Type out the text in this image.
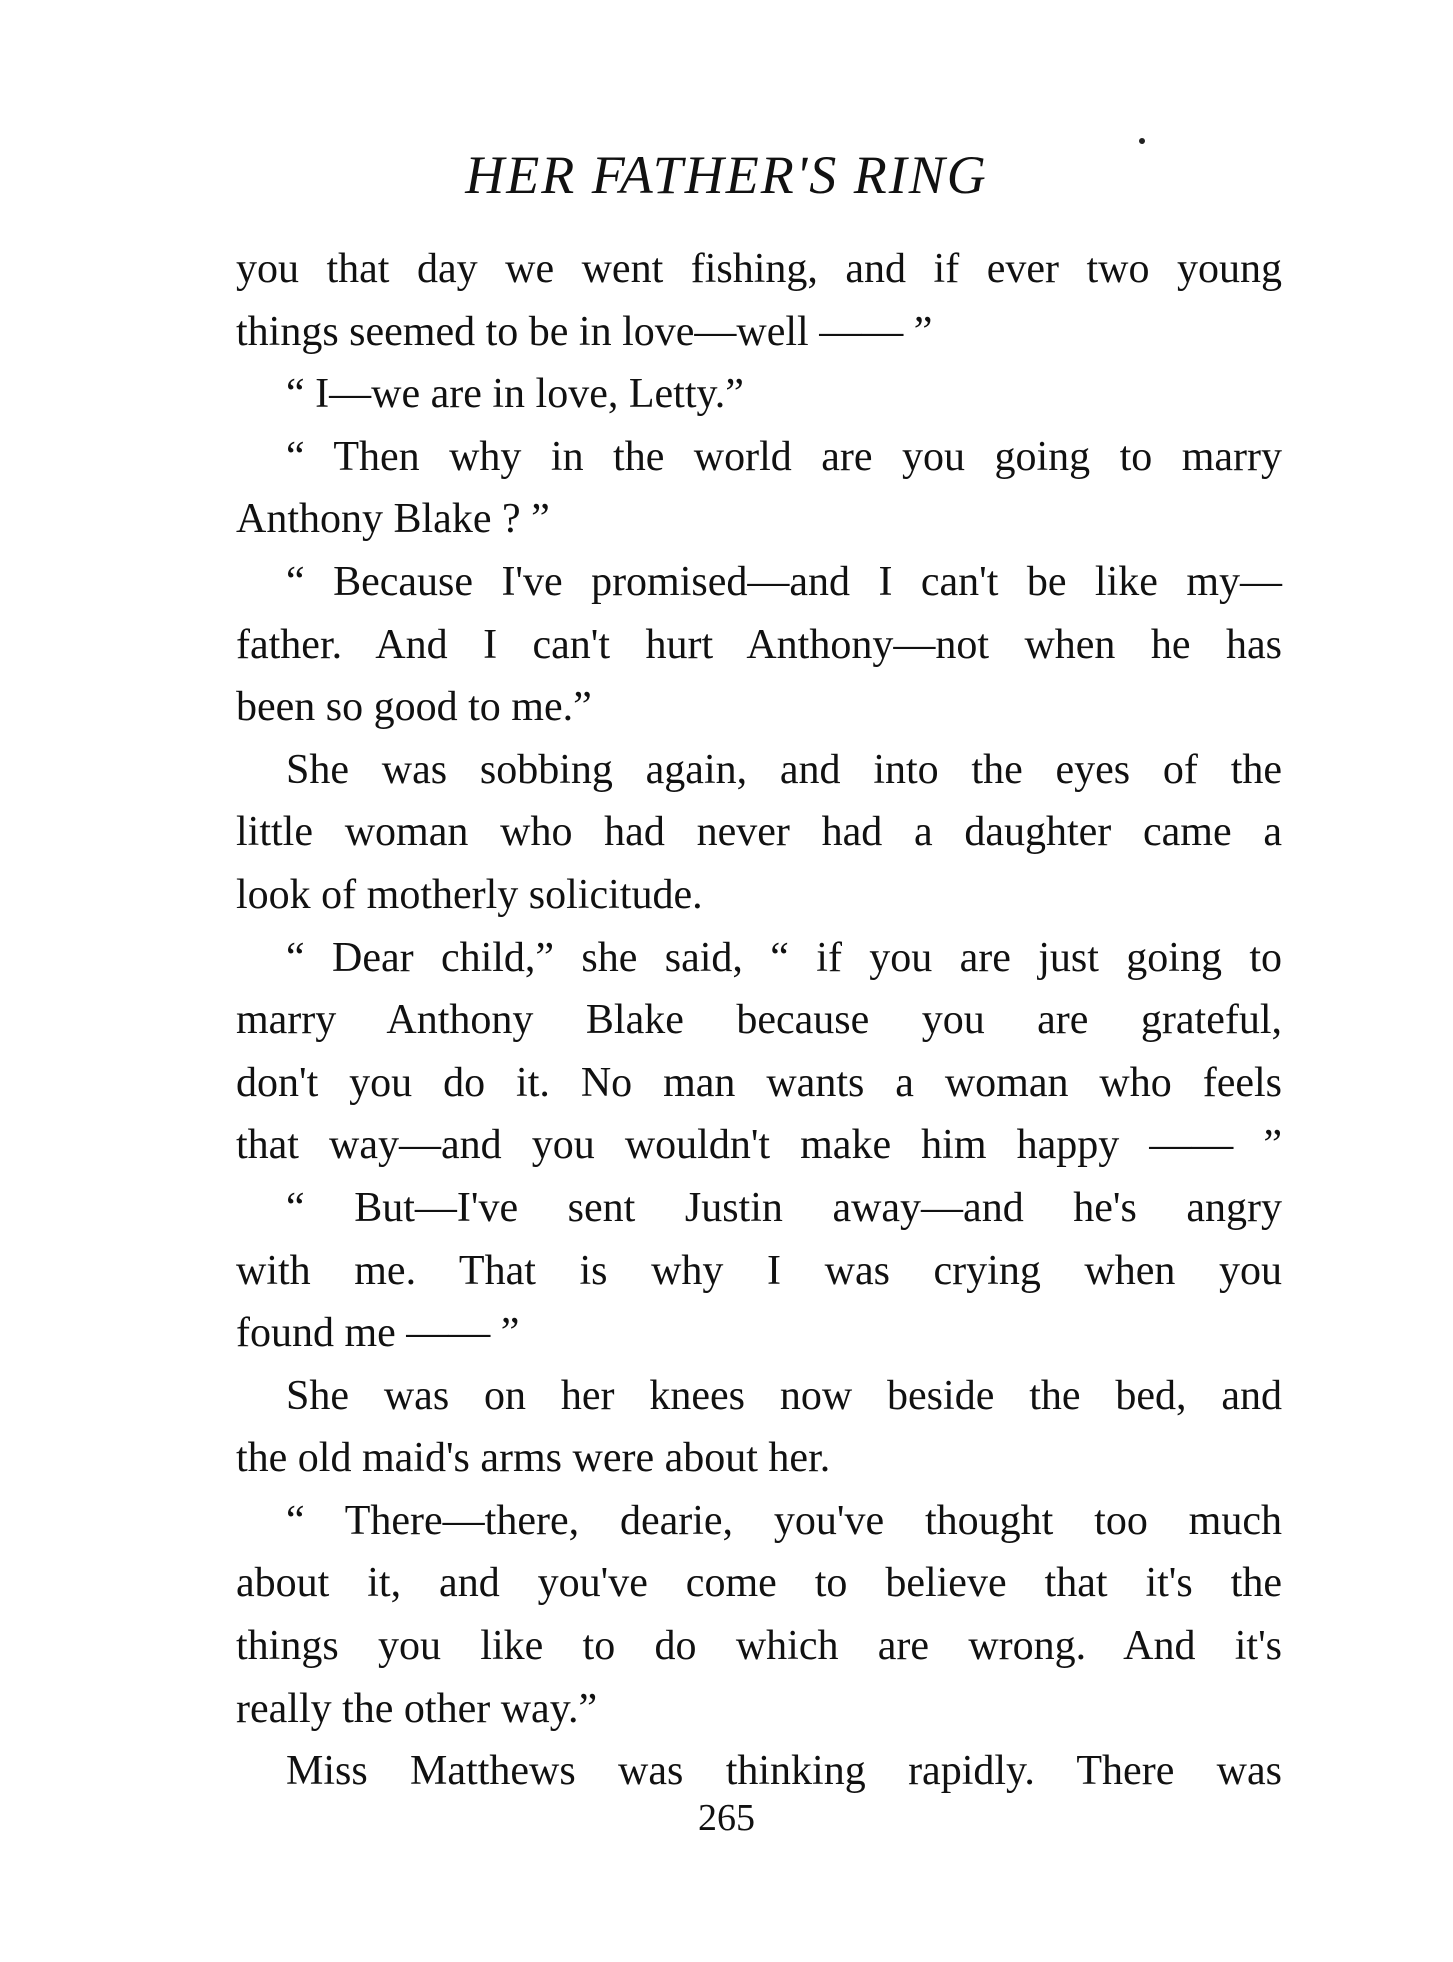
HER FATHER'S RING
you that day we went fishing, and if ever two young
things seemed to be in love—well —— ”
“ I—we are in love, Letty.”
“ Then why in the world are you going to marry
Anthony Blake ? ”
“ Because I've promised—and I can't be like my—
father. And I can't hurt Anthony—not when he has
been so good to me.”
She was sobbing again, and into the eyes of the
little woman who had never had a daughter came a
look of motherly solicitude.
“ Dear child,” she said, “ if you are just going to
marry Anthony Blake because you are grateful,
don't you do it. No man wants a woman who feels
that way—and you wouldn't make him happy —— ”
“ But—I've sent Justin away—and he's angry
with me. That is why I was crying when you
found me —— ”
She was on her knees now beside the bed, and
the old maid's arms were about her.
“ There—there, dearie, you've thought too much
about it, and you've come to believe that it's the
things you like to do which are wrong. And it's
really the other way.”
Miss Matthews was thinking rapidly. There was
265
